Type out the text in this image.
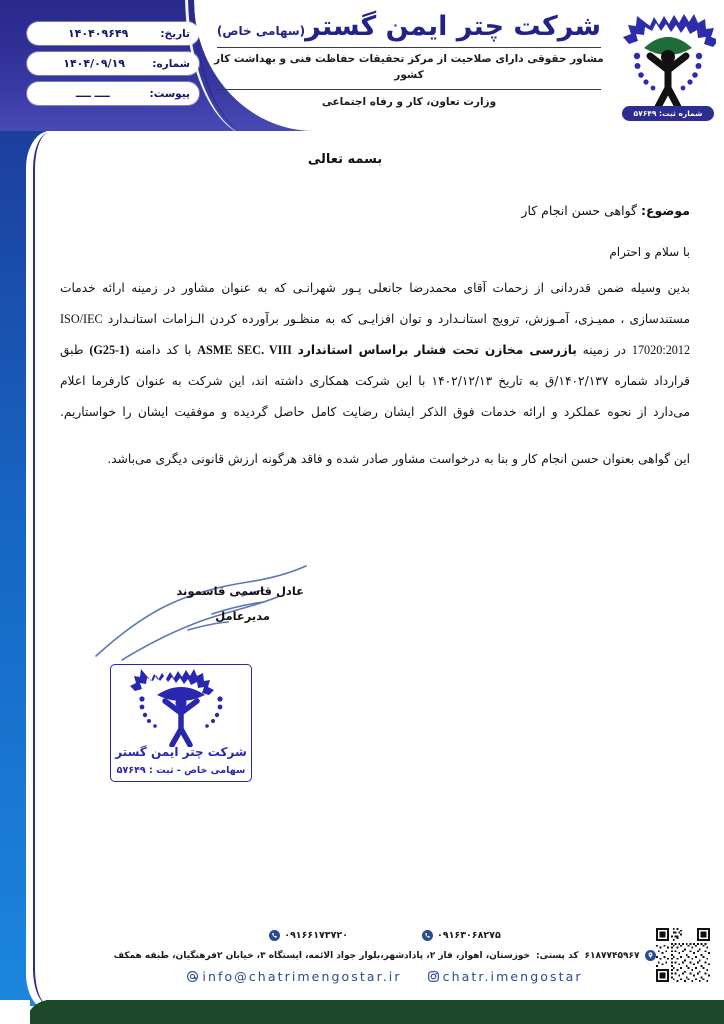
تاریخ:
۱۴۰۴۰۹۶۴۹
شماره:
۱۴۰۴/۰۹/۱۹
پیوست:
ــــ ــــ
شرکت چتر ایمن گستر(سهامی خاص)
مشاور حقوقی دارای صلاحیت از مرکز تحقیقات حفاظت فنی و بهداشت کار کشور
وزارت تعاون، کار و رفاه اجتماعی
شماره ثبت: ۵۷۶۴۹
بسمه تعالی
موضوع: گواهی حسن انجام کار
با سلام و احترام
بدین وسیله ضمن قدردانی از زحمات آقای محمدرضا جانعلی پـور شهرانـی که به عنوان مشاور در زمینه ارائه خدمات مستندسازی ، ممیـزی، آمـوزش، ترویج استانـدارد و توان افزایـی که به منظـور برآورده کردن الـزامات استانـدارد ISO/IEC 17020:2012 در زمینه بازرسی مخازن تحت فشار براساس استاندارد ASME SEC. VIII با کد دامنه (G25-1) طبق قرارداد شماره ۱۴۰۲/۱۳۷/ق به تاریخ ۱۴۰۲/۱۲/۱۳ با این شرکت همکاری داشته اند، این شرکت به عنوان کارفرما اعلام می‌دارد از نحوه عملکرد و ارائه خدمات فوق الذکر ایشان رضایت کامل حاصل گردیده و موفقیت ایشان را خواستاریم.
این گواهی بعنوان حسن انجام کار و بنا به درخواست مشاور صادر شده و فاقد هرگونه ارزش قانونی دیگری می‌باشد.
عادل قاسمی قاسموند
مدیرعامل
شرکت چتر ایمن گستر
سهامی خاص - ثبت : ۵۷۶۴۹
۰۹۱۶۶۱۷۳۷۲۰	۰۹۱۶۳۰۶۸۲۷۵
۶۱۸۷۷۴۵۹۶۷
کد پستی:
خوزستان، اهواز، فاز ۲، پادادشهر،بلوار جواد الائمه، ایستگاه ۳، خیابان ۲فرهنگیان، طبقه همکف
info@chatrimengostar.ir	chatr.imengostar
